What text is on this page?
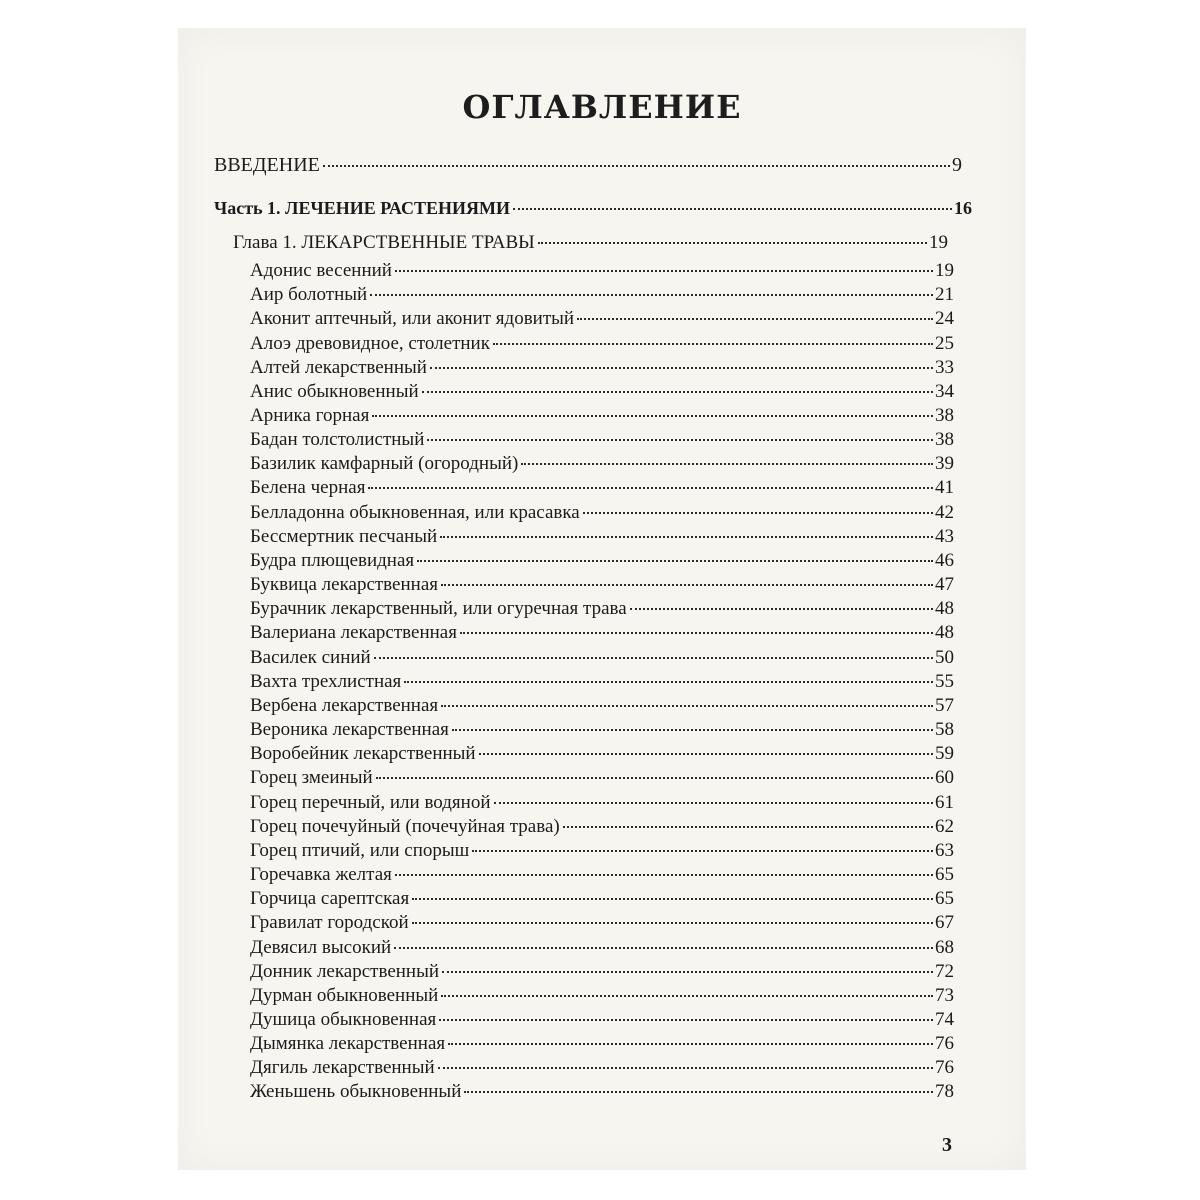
ОГЛАВЛЕНИЕ
ВВЕДЕНИЕ	9
Часть 1. ЛЕЧЕНИЕ РАСТЕНИЯМИ	16
Глава 1. ЛЕКАРСТВЕННЫЕ ТРАВЫ	19
Адонис весенний	19
Аир болотный	21
Аконит аптечный, или аконит ядовитый	24
Алоэ древовидное, столетник	25
Алтей лекарственный	33
Анис обыкновенный	34
Арника горная	38
Бадан толстолистный	38
Базилик камфарный (огородный)	39
Белена черная	41
Белладонна обыкновенная, или красавка	42
Бессмертник песчаный	43
Будра плющевидная	46
Буквица лекарственная	47
Бурачник лекарственный, или огуречная трава	48
Валериана лекарственная	48
Василек синий	50
Вахта трехлистная	55
Вербена лекарственная	57
Вероника лекарственная	58
Воробейник лекарственный	59
Горец змеиный	60
Горец перечный, или водяной	61
Горец почечуйный (почечуйная трава)	62
Горец птичий, или спорыш	63
Горечавка желтая	65
Горчица сарептская	65
Гравилат городской	67
Девясил высокий	68
Донник лекарственный	72
Дурман обыкновенный	73
Душица обыкновенная	74
Дымянка лекарственная	76
Дягиль лекарственный	76
Женьшень обыкновенный	78
3
